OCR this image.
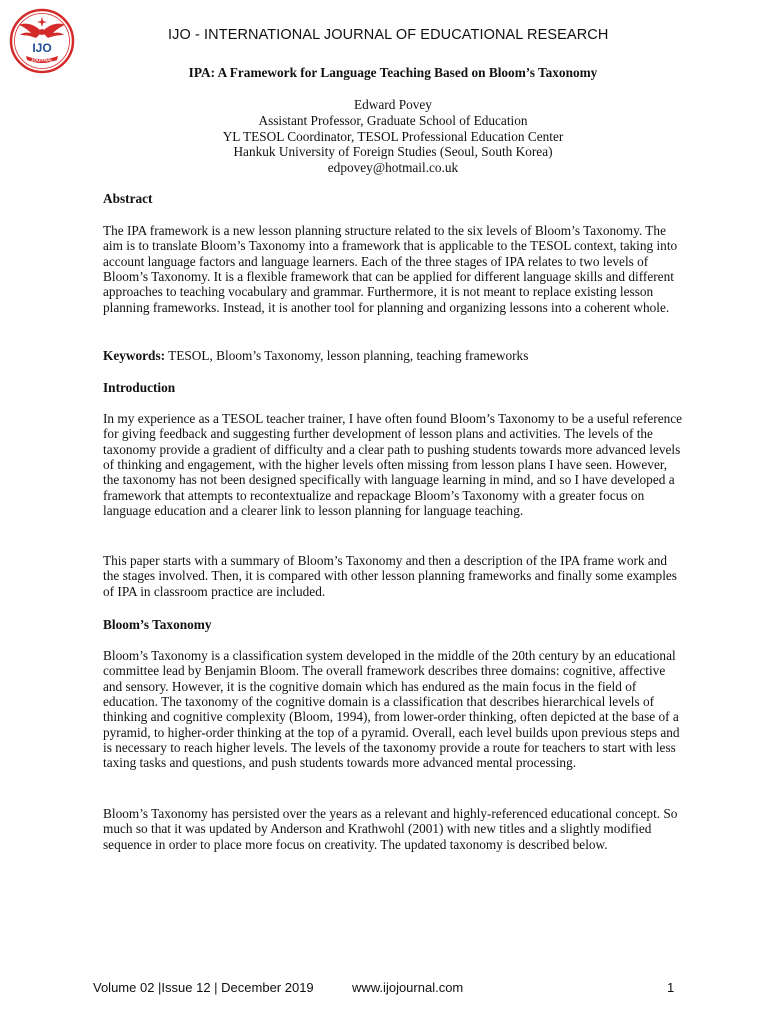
IJO
JOURNAL
IJO - INTERNATIONAL JOURNAL OF EDUCATIONAL RESEARCH
IPA: A Framework for Language Teaching Based on Bloom’s Taxonomy
Edward Povey
Assistant Professor, Graduate School of Education
YL TESOL Coordinator, TESOL Professional Education Center
Hankuk University of Foreign Studies (Seoul, South Korea)
edpovey@hotmail.co.uk
Abstract
The IPA framework is a new lesson planning structure related to the six levels of Bloom’s Taxonomy. The aim is to translate Bloom’s Taxonomy into a framework that is applicable to the TESOL context, taking into account language factors and language learners. Each of the three stages of IPA relates to two levels of Bloom’s Taxonomy. It is a flexible framework that can be applied for different language skills and different approaches to teaching vocabulary and grammar. Furthermore, it is not meant to replace existing lesson planning frameworks. Instead, it is another tool for planning and organizing lessons into a coherent whole.
Keywords: TESOL, Bloom’s Taxonomy, lesson planning, teaching frameworks
Introduction
In my experience as a TESOL teacher trainer, I have often found Bloom’s Taxonomy to be a useful reference for giving feedback and suggesting further development of lesson plans and activities. The levels of the taxonomy provide a gradient of difficulty and a clear path to pushing students towards more advanced levels of thinking and engagement, with the higher levels often missing from lesson plans I have seen. However, the taxonomy has not been designed specifically with language learning in mind, and so I have developed a framework that attempts to recontextualize and repackage Bloom’s Taxonomy with a greater focus on language education and a clearer link to lesson planning for language teaching.
This paper starts with a summary of Bloom’s Taxonomy and then a description of the IPA frame work and the stages involved. Then, it is compared with other lesson planning frameworks and finally some examples of IPA in classroom practice are included.
Bloom’s Taxonomy
Bloom’s Taxonomy is a classification system developed in the middle of the 20th century by an educational committee lead by Benjamin Bloom. The overall framework describes three domains: cognitive, affective and sensory. However, it is the cognitive domain which has endured as the main focus in the field of education. The taxonomy of the cognitive domain is a classification that describes hierarchical levels of thinking and cognitive complexity (Bloom, 1994), from lower-order thinking, often depicted at the base of a pyramid, to higher-order thinking at the top of a pyramid. Overall, each level builds upon previous steps and is necessary to reach higher levels. The levels of the taxonomy provide a route for teachers to start with less taxing tasks and questions, and push students towards more advanced mental processing.
Bloom’s Taxonomy has persisted over the years as a relevant and highly-referenced educational concept. So much so that it was updated by Anderson and Krathwohl (2001) with new titles and a slightly modified sequence in order to place more focus on creativity. The updated taxonomy is described below.
Volume 02 |Issue 12 | December 2019	www.ijojournal.com	1
